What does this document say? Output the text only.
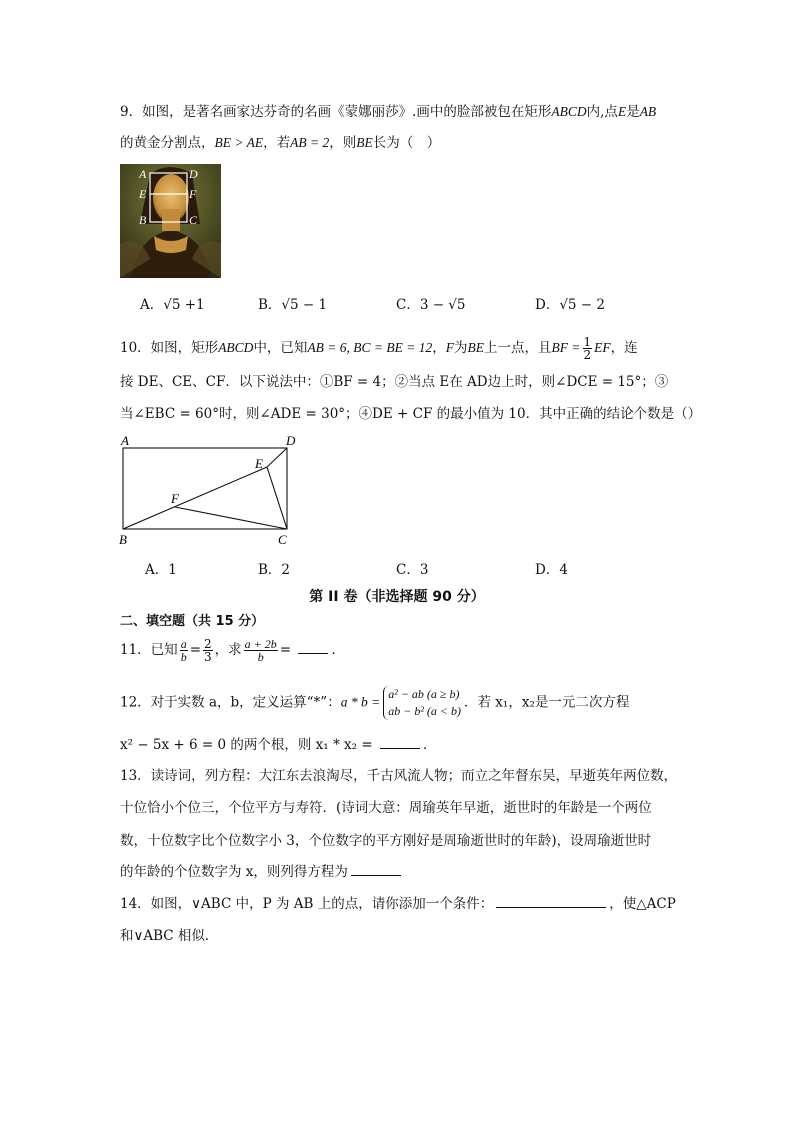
9．如图，是著名画家达芬奇的名画《蒙娜丽莎》.画中的脸部被包在矩形ABCD内,点E是AB
的黄金分割点，BE > AE，若AB = 2，则BE长为（　）
A	D
E	F
B	C
A．√5 +1	B．√5 − 1	C．3 − √5	D．√5 − 2
10．如图，矩形ABCD中，已知AB = 6, BC = BE = 12，F为BE上一点，且BF = $\frac{1}{2}$ EF，连
接 DE、CE、CF．以下说法中：①BF = 4；②当点 E在 AD边上时，则∠DCE = 15°；③
当∠EBC = 60°时，则∠ADE = 30°；④DE + CF 的最小值为 10．其中正确的结论个数是（）
A	D
E
F
B	C
A．1	B．2	C．3	D．4
第 II 卷（非选择题 90 分）
二、填空题（共 15 分）
11．已知 $\frac{a}{b} = \frac{2}{3}$ ，求 $\frac{a + 2b}{b}$ =	．
12．对于实数 a，b，定义运算“*”：a * b =
a² − ab (a ≥ b)
ab − b² (a < b)
．若 x₁，x₂是一元二次方程
x² − 5x + 6 = 0 的两个根，则 x₁ * x₂ =	．
13．读诗词，列方程：大江东去浪淘尽，千古风流人物；而立之年督东吴，早逝英年两位数，
十位恰小个位三，个位平方与寿符．(诗词大意：周瑜英年早逝，逝世时的年龄是一个两位
数，十位数字比个位数字小 3，个位数字的平方刚好是周瑜逝世时的年龄)，设周瑜逝世时
的年龄的个位数字为 x，则列得方程为
14．如图，∨ABC 中，P 为 AB 上的点，请你添加一个条件：	，使△ACP
和∨ABC 相似．
